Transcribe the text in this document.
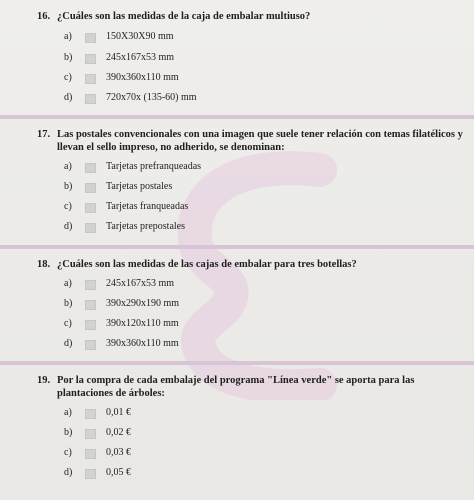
16. ¿Cuáles son las medidas de la caja de embalar multiuso?
a)	150X30X90 mm
b)	245x167x53 mm
c)	390x360x110 mm
d)	720x70x (135-60) mm
17. Las postales convencionales con una imagen que suele tener relación con temas filatélicos y llevan el sello impreso, no adherido, se denominan:
a)	Tarjetas prefranqueadas
b)	Tarjetas postales
c)	Tarjetas franqueadas
d)	Tarjetas prepostales
18. ¿Cuáles son las medidas de las cajas de embalar para tres botellas?
a)	245x167x53 mm
b)	390x290x190 mm
c)	390x120x110 mm
d)	390x360x110 mm
19. Por la compra de cada embalaje del programa "Línea verde" se aporta para las plantaciones de árboles:
a)	0,01 €
b)	0,02 €
c)	0,03 €
d)	0,05 €
